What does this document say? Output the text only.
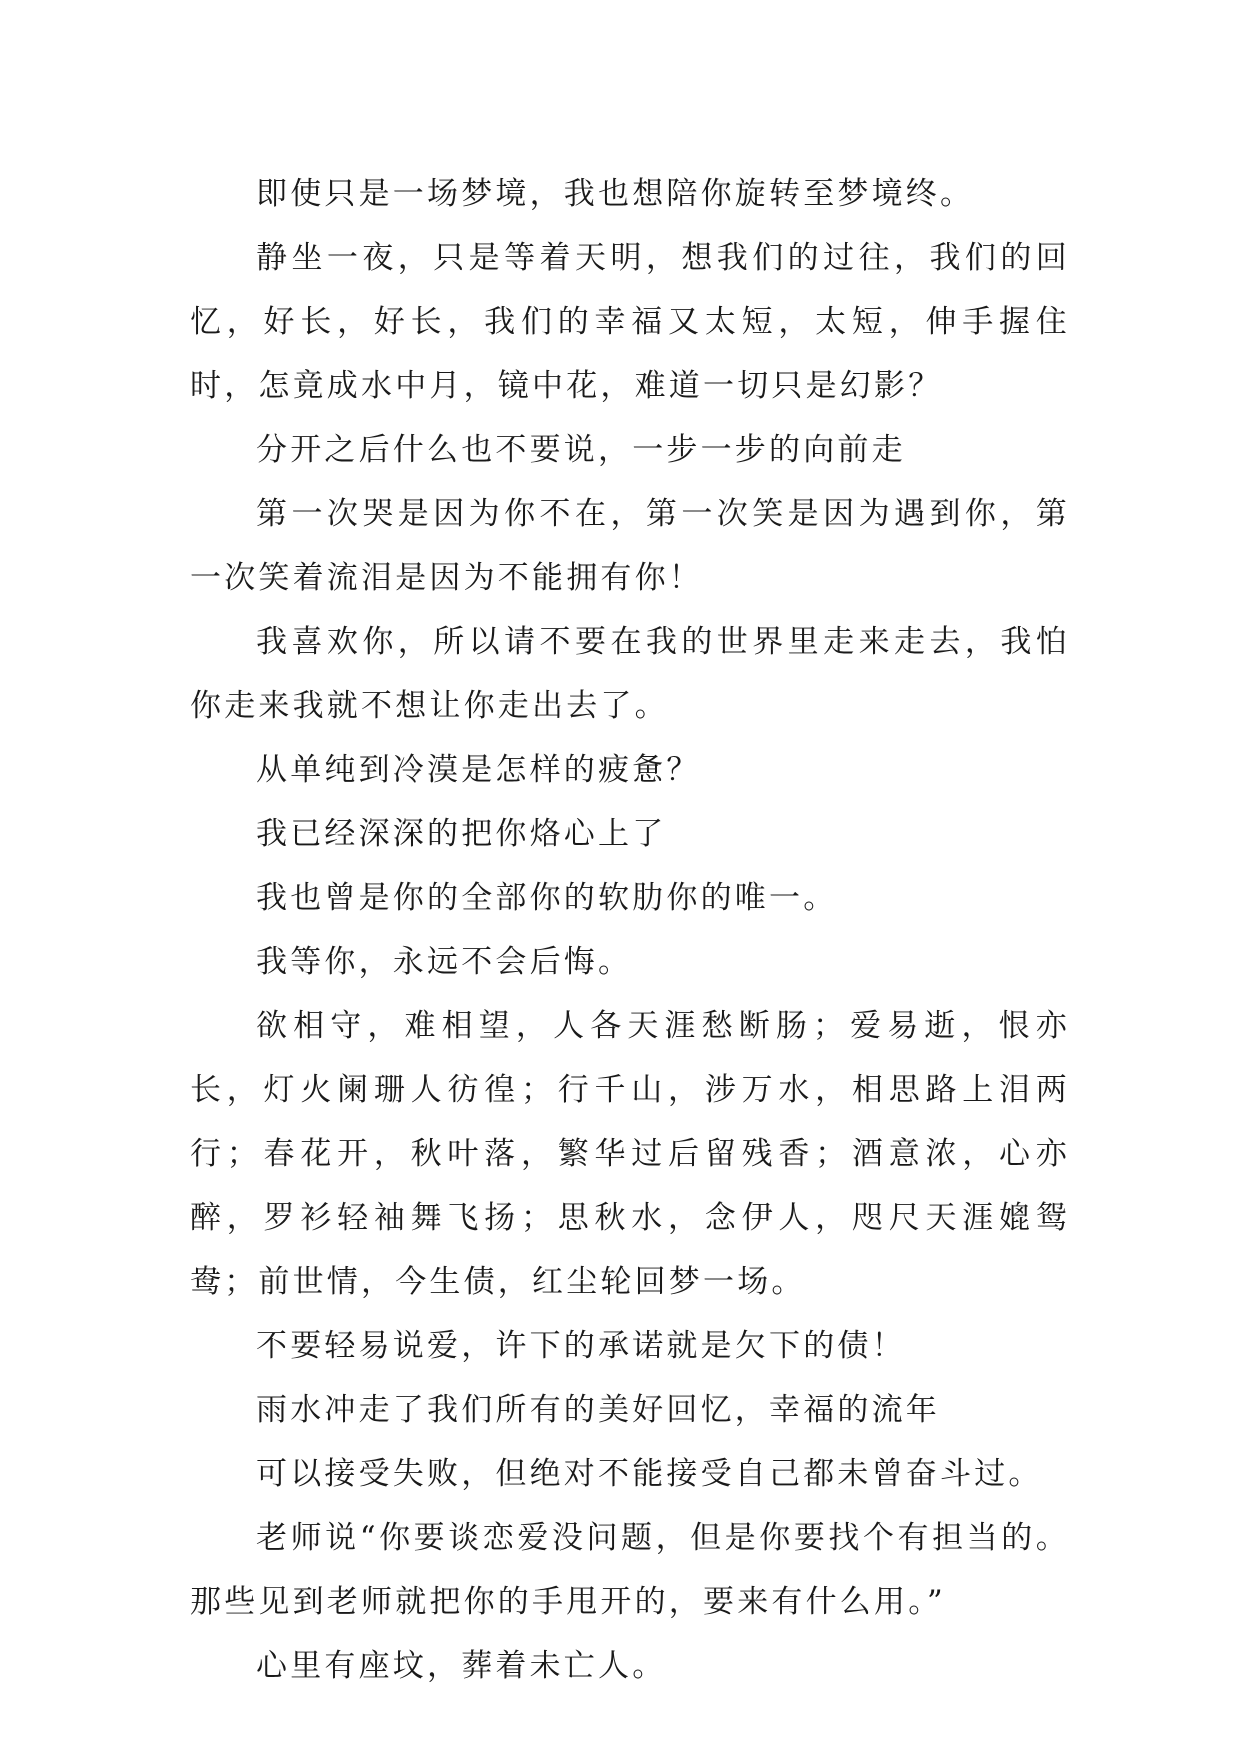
即使只是一场梦境，我也想陪你旋转至梦境终。

静坐一夜，只是等着天明，想我们的过往，我们的回忆，好长，好长，我们的幸福又太短，太短，伸手握住时，怎竟成水中月，镜中花，难道一切只是幻影？

分开之后什么也不要说，一步一步的向前走

第一次哭是因为你不在，第一次笑是因为遇到你，第一次笑着流泪是因为不能拥有你！

我喜欢你，所以请不要在我的世界里走来走去，我怕你走来我就不想让你走出去了。

从单纯到冷漠是怎样的疲惫？

我已经深深的把你烙心上了

我也曾是你的全部你的软肋你的唯一。

我等你，永远不会后悔。

欲相守，难相望，人各天涯愁断肠；爱易逝，恨亦长，灯火阑珊人彷徨；行千山，涉万水，相思路上泪两行；春花开，秋叶落，繁华过后留残香；酒意浓，心亦醉，罗衫轻袖舞飞扬；思秋水，念伊人，咫尺天涯媲鸳鸯；前世情，今生债，红尘轮回梦一场。

不要轻易说爱，许下的承诺就是欠下的债！

雨水冲走了我们所有的美好回忆，幸福的流年

可以接受失败，但绝对不能接受自己都未曾奋斗过。

老师说“你要谈恋爱没问题，但是你要找个有担当的。那些见到老师就把你的手甩开的，要来有什么用。”

心里有座坟，葬着未亡人。
